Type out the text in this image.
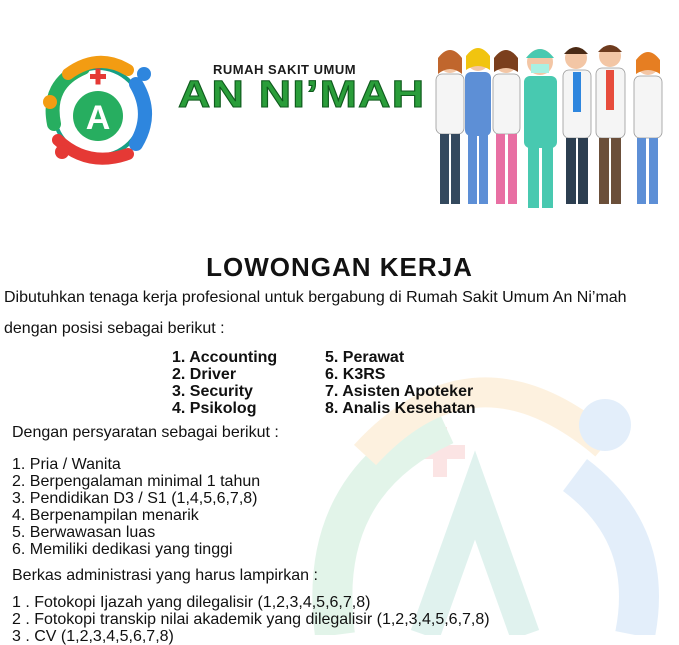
A
RUMAH SAKIT UMUM
AN NI’MAH
LOWONGAN KERJA
Dibutuhkan tenaga kerja profesional untuk bergabung di Rumah Sakit Umum An Ni’mah
dengan posisi sebagai berikut :
1. Accounting
2. Driver
3. Security
4. Psikolog
5. Perawat
6. K3RS
7. Asisten Apoteker
8. Analis Kesehatan
Dengan persyaratan sebagai berikut :
1. Pria / Wanita
2. Berpengalaman minimal 1 tahun
3. Pendidikan D3 / S1 (1,4,5,6,7,8)
4. Berpenampilan menarik
5. Berwawasan luas
6. Memiliki dedikasi yang tinggi
Berkas administrasi yang harus lampirkan :
1 . Fotokopi Ijazah yang dilegalisir (1,2,3,4,5,6,7,8)
2 . Fotokopi transkip nilai akademik yang dilegalisir (1,2,3,4,5,6,7,8)
3 . CV (1,2,3,4,5,6,7,8)
